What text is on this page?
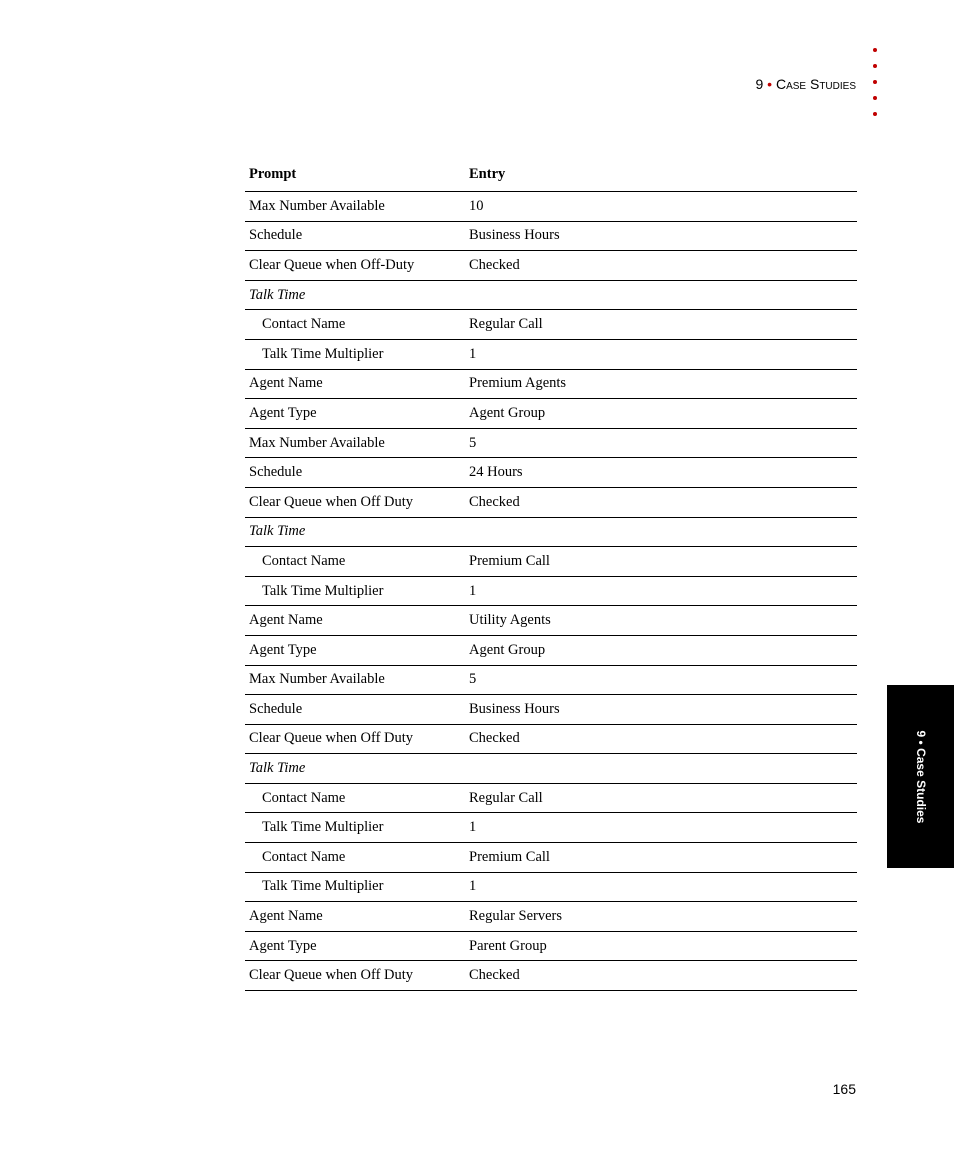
9 • Case Studies
Prompt	Entry
Max Number Available	10
Schedule	Business Hours
Clear Queue when Off-Duty	Checked
Talk Time	
Contact Name	Regular Call
Talk Time Multiplier	1
Agent Name	Premium Agents
Agent Type	Agent Group
Max Number Available	5
Schedule	24 Hours
Clear Queue when Off Duty	Checked
Talk Time	
Contact Name	Premium Call
Talk Time Multiplier	1
Agent Name	Utility Agents
Agent Type	Agent Group
Max Number Available	5
Schedule	Business Hours
Clear Queue when Off Duty	Checked
Talk Time	
Contact Name	Regular Call
Talk Time Multiplier	1
Contact Name	Premium Call
Talk Time Multiplier	1
Agent Name	Regular Servers
Agent Type	Parent Group
Clear Queue when Off Duty	Checked
9 • Case Studies
165
